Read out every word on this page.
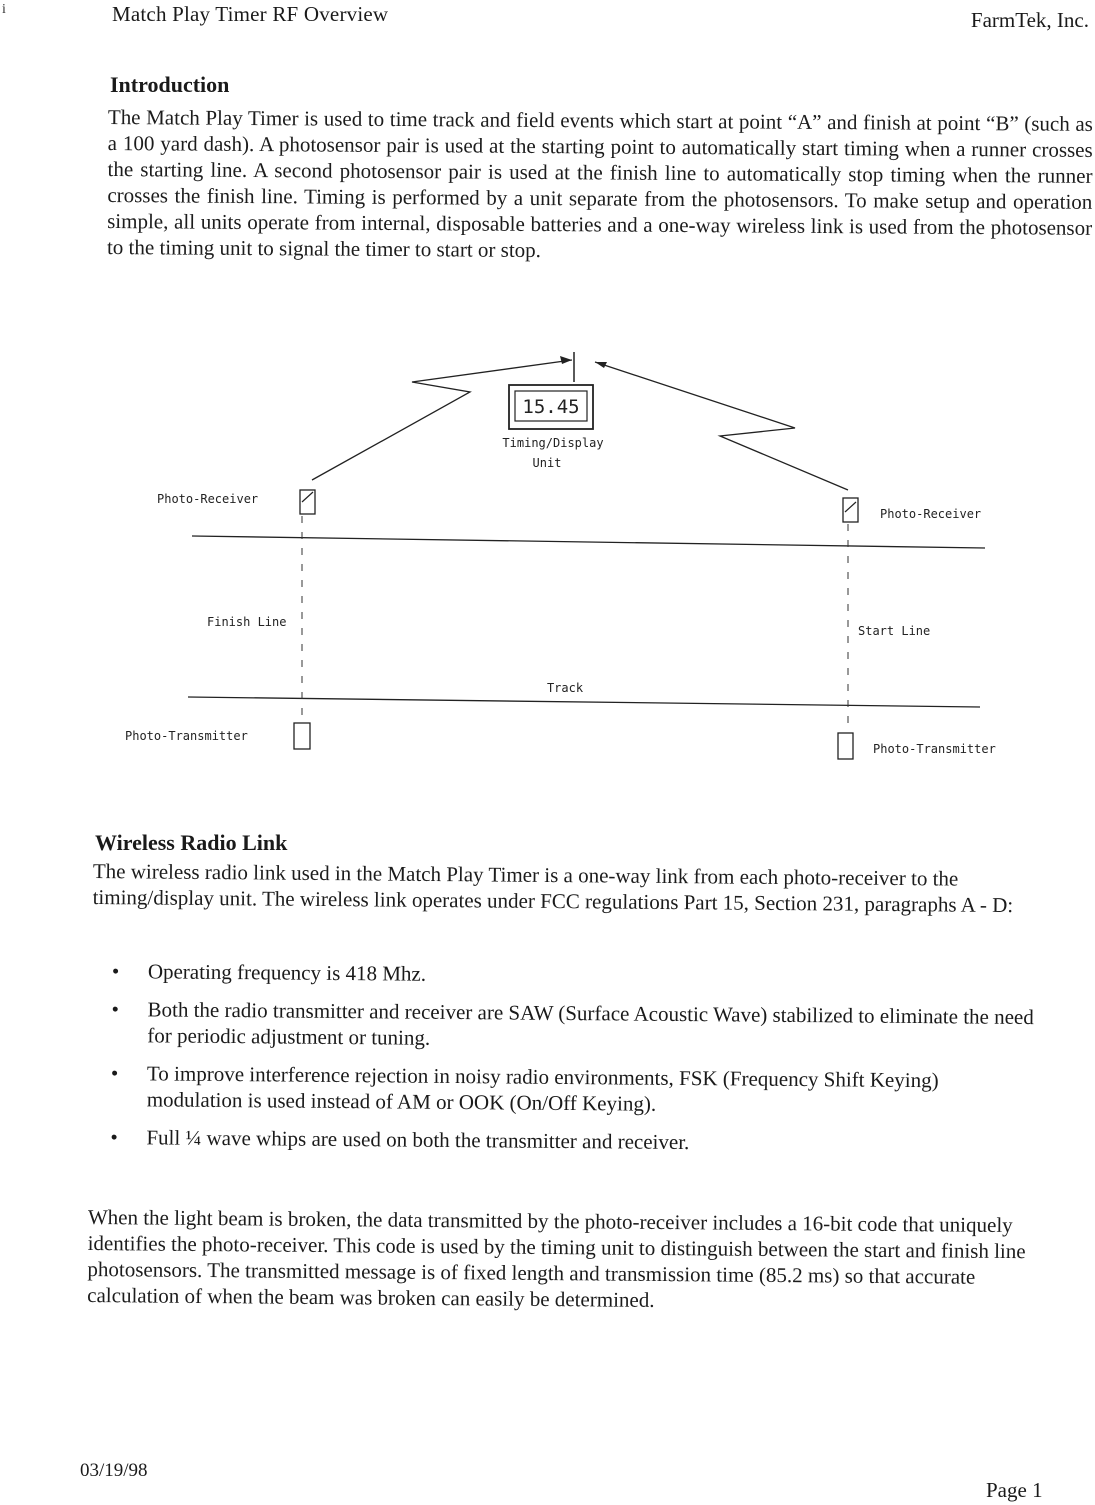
i	Match Play Timer RF Overview	FarmTek, Inc.
Introduction
The Match Play Timer is used to time track and field events which start at point “A” and finish at point “B” (such as a 100 yard dash). A photosensor pair is used at the starting point to automatically start timing when a runner crosses the starting line. A second photosensor pair is used at the finish line to automatically stop timing when the runner crosses the finish line. Timing is performed by a unit separate from the photosensors. To make setup and operation simple, all units operate from internal, disposable batteries and a one-way wireless link is used from the photosensor to the timing unit to signal the timer to start or stop.
15.45
Timing/Display
Unit
Photo-Receiver
Photo-Receiver
Track
Finish Line
Start Line
Photo-Transmitter
Photo-Transmitter
Wireless Radio Link
The wireless radio link used in the Match Play Timer is a one-way link from each photo-receiver to the timing/display unit. The wireless link operates under FCC regulations Part 15, Section 231, paragraphs A - D:
• Operating frequency is 418 Mhz.
• Both the radio transmitter and receiver are SAW (Surface Acoustic Wave) stabilized to eliminate the need for periodic adjustment or tuning.
• To improve interference rejection in noisy radio environments, FSK (Frequency Shift Keying) modulation is used instead of AM or OOK (On/Off Keying).
• Full ¼ wave whips are used on both the transmitter and receiver.
When the light beam is broken, the data transmitted by the photo-receiver includes a 16-bit code that uniquely identifies the photo-receiver. This code is used by the timing unit to distinguish between the start and finish line photosensors. The transmitted message is of fixed length and transmission time (85.2 ms) so that accurate calculation of when the beam was broken can easily be determined.
03/19/98
Page 1
